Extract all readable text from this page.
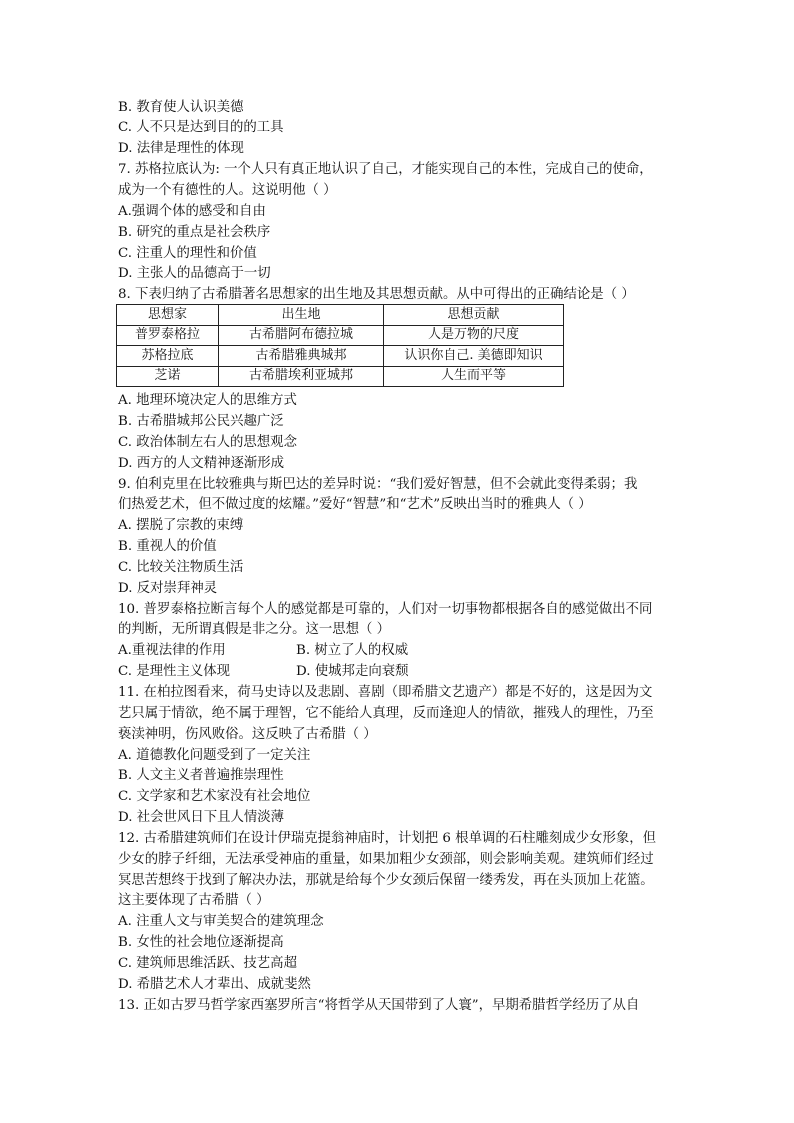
B. 教育使人认识美德
C. 人不只是达到目的的工具
D. 法律是理性的体现
7. 苏格拉底认为: 一个人只有真正地认识了自己，才能实现自己的本性，完成自己的使命，
成为一个有德性的人。这说明他（ ）
A.强调个体的感受和自由
B. 研究的重点是社会秩序
C. 注重人的理性和价值
D. 主张人的品德高于一切
8. 下表归纳了古希腊著名思想家的出生地及其思想贡献。从中可得出的正确结论是（ ）
思想家	出生地	思想贡献
普罗泰格拉	古希腊阿布德拉城	人是万物的尺度
苏格拉底	古希腊雅典城邦	认识你自己. 美德即知识
芝诺	古希腊埃利亚城邦	人生而平等
A. 地理环境决定人的思维方式
B. 古希腊城邦公民兴趣广泛
C. 政治体制左右人的思想观念
D. 西方的人文精神逐渐形成
9. 伯利克里在比较雅典与斯巴达的差异时说：“我们爱好智慧，但不会就此变得柔弱；我
们热爱艺术，但不做过度的炫耀。”爱好“智慧”和“艺术”反映出当时的雅典人（ ）
A. 摆脱了宗教的束缚
B. 重视人的价值
C. 比较关注物质生活
D. 反对崇拜神灵
10. 普罗泰格拉断言每个人的感觉都是可靠的，人们对一切事物都根据各自的感觉做出不同
的判断，无所谓真假是非之分。这一思想（ ）
A.重视法律的作用	B. 树立了人的权威
C. 是理性主义体现	D. 使城邦走向衰颓
11. 在柏拉图看来，荷马史诗以及悲剧、喜剧（即希腊文艺遗产）都是不好的，这是因为文
艺只属于情欲，绝不属于理智，它不能给人真理，反而逢迎人的情欲，摧残人的理性，乃至
亵渎神明，伤风败俗。这反映了古希腊（ ）
A. 道德教化问题受到了一定关注
B. 人文主义者普遍推崇理性
C. 文学家和艺术家没有社会地位
D. 社会世风日下且人情淡薄
12. 古希腊建筑师们在设计伊瑞克提翁神庙时，计划把 6 根单调的石柱雕刻成少女形象，但
少女的脖子纤细，无法承受神庙的重量，如果加粗少女颈部，则会影响美观。建筑师们经过
冥思苦想终于找到了解决办法，那就是给每个少女颈后保留一缕秀发，再在头顶加上花篮。
这主要体现了古希腊（ ）
A. 注重人文与审美契合的建筑理念
B. 女性的社会地位逐渐提高
C. 建筑师思维活跃、技艺高超
D. 希腊艺术人才辈出、成就斐然
13. 正如古罗马哲学家西塞罗所言“将哲学从天国带到了人寰”，早期希腊哲学经历了从自
